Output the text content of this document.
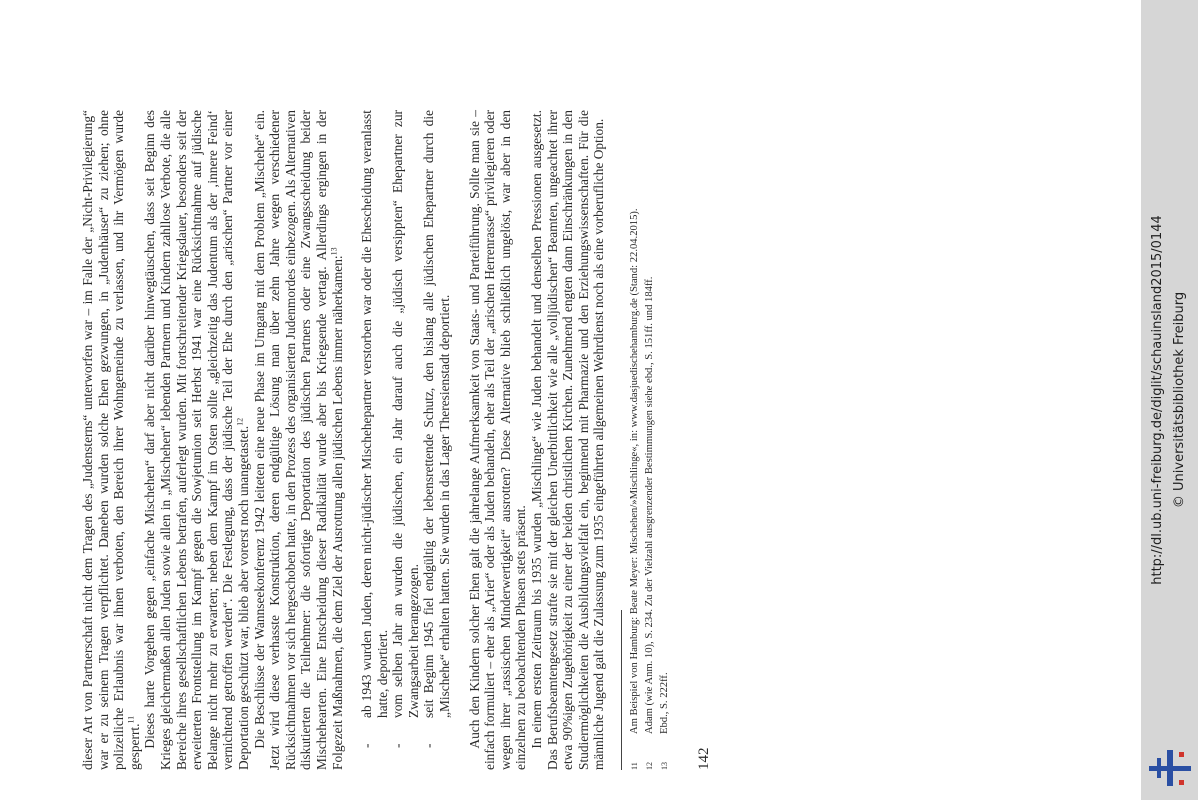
dieser Art von Partnerschaft nicht dem Tragen des „Judensterns“ unterworfen war – im Falle der „Nicht-Privilegierung“ war er zu seinem Tragen verpflichtet. Daneben wurden solche Ehen gezwungen, in „Judenhäuser“ zu ziehen; ohne polizeiliche Erlaubnis war ihnen verboten, den Bereich ihrer Wohngemeinde zu verlassen, und ihr Vermögen wurde gesperrt.$^{11}$ Dieses harte Vorgehen gegen „einfache Mischehen“ darf aber nicht darüber hinwegtäuschen, dass seit Beginn des Krieges gleichermaßen allen Juden sowie allen in „Mischehen“ lebenden Partnern und Kindern zahllose Verbote, die alle Bereiche ihres gesellschaftlichen Lebens betrafen, auferlegt wurden. Mit fortschreitender Kriegsdauer, besonders seit der erweiterten Frontstellung im Kampf gegen die Sowjetunion seit Herbst 1941 war eine Rücksichtnahme auf jüdische Belange nicht mehr zu erwarten; neben dem Kampf im Osten sollte „gleichzeitig das Judentum als der ‚innere Feind‘ vernichtend getroffen werden“. Die Festlegung, dass der jüdische Teil der Ehe durch den „arischen“ Partner vor einer Deportation geschützt war, blieb aber vorerst noch unangetastet.$^{12}$ Die Beschlüsse der Wannseekonferenz 1942 leiteten eine neue Phase im Umgang mit dem Problem „Mischehe“ ein. Jetzt wird diese verhasste Konstruktion, deren endgültige Lösung man über zehn Jahre wegen verschiedener Rücksichtnahmen vor sich hergeschoben hatte, in den Prozess des organisierten Judenmordes einbezogen. Als Alternativen diskutierten die Teilnehmer: die sofortige Deportation des jüdischen Partners oder eine Zwangsscheidung beider Mischehearten. Eine Entscheidung dieser Radikalität wurde aber bis Kriegsende vertagt. Allerdings ergingen in der Folgezeit Maßnahmen, die dem Ziel der Ausrottung allen jüdischen Lebens immer näherkamen:$^{13}$

-
ab 1943 wurden Juden, deren nicht-jüdischer Mischehepartner verstorben war oder die Ehescheidung veranlasst hatte, deportiert.
-
vom selben Jahr an wurden die jüdischen, ein Jahr darauf auch die „jüdisch versippten“ Ehepartner zur Zwangsarbeit herangezogen.
-
seit Beginn 1945 fiel endgültig der lebensrettende Schutz, den bislang alle jüdischen Ehepartner durch die „Mischehe“ erhalten hatten. Sie wurden in das Lager Theresienstadt deportiert. Auch den Kindern solcher Ehen galt die jahrelange Aufmerksamkeit von Staats- und Parteiführung. Sollte man sie – einfach formuliert – eher als „Arier“ oder als Juden behandeln, eher als Teil der „arischen Herrenrasse“ privilegieren oder wegen ihrer „rassischen Minderwertigkeit“ ausrotten? Diese Alternative blieb schließlich ungelöst, war aber in den einzelnen zu beobachtenden Phasen stets präsent. In einem ersten Zeitraum bis 1935 wurden „Mischlinge“ wie Juden behandelt und denselben Pressionen ausgesetzt. Das Berufsbeamtengesetz strafte sie mit der gleichen Unerbittlichkeit wie alle „volljüdischen“ Beamten, ungeachtet ihrer etwa 90%igen Zugehörigkeit zu einer der beiden christlichen Kirchen. Zunehmend engten dann Einschränkungen in den Studiermöglichkeiten die Ausbildungsvielfalt ein, beginnend mit Pharmazie und den Erziehungswissenschaften. Für die männliche Jugend galt die Zulassung zum 1935 eingeführten allgemeinen Wehrdienst noch als eine vorberufliche Option.	11
Am Beispiel von Hamburg: Beate Meyer: Mischehen/»Mischlinge«, in: www.dasjuedischehamburg.de (Stand: 22.04.2015).
12
Adam (wie Anm. 10), S. 234. Zu der Vielzahl ausgrenzender Bestimmungen siehe ebd., S. 151ff. und 184ff.
13
Ebd., S. 222ff.
142
http://dl.ub.uni-freiburg.de/diglit/schauinsland2015/0144 © Universitätsbibliothek Freiburg
